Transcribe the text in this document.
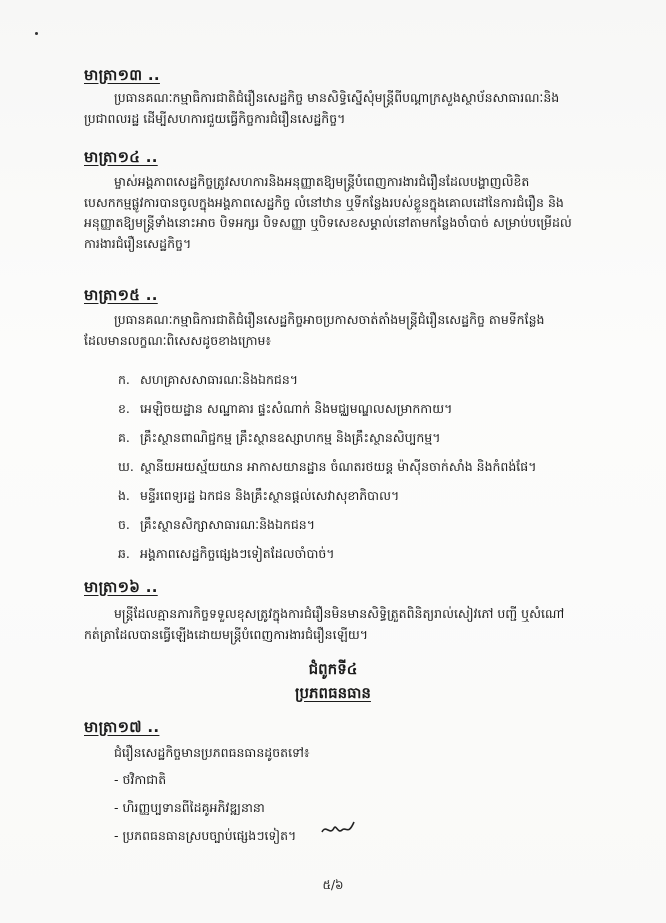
មាត្រា១៣ ..
ប្រធានគណៈកម្មាធិការជាតិជំរឿនសេដ្ឋកិច្ច មានសិទ្ធិស្នើសុំមន្ត្រីពីបណ្តាក្រសួងស្ថាប័នសាធារណៈនិង
ប្រជាពលរដ្ឋ ដើម្បីសហការជួយធ្វើកិច្ចការជំរឿនសេដ្ឋកិច្ច។
មាត្រា១៤ ..
ម្ចាស់អង្គភាពសេដ្ឋកិច្ចត្រូវសហការនិងអនុញ្ញាតឱ្យមន្ត្រីបំពេញការងារជំរឿនដែលបង្ហាញលិខិត
បេសកកម្មផ្លូវការបានចូលក្នុងអង្គភាពសេដ្ឋកិច្ច លំនៅឋាន ឬទីកន្លែងរបស់ខ្លួនក្នុងគោលដៅនៃការជំរឿន និង
អនុញ្ញាតឱ្យមន្ត្រីទាំងនោះអាច បិទអក្សរ បិទសញ្ញា ឬបិទសេខសម្គាល់នៅតាមកន្លែងចាំបាច់ សម្រាប់បម្រើដល់
ការងារជំរឿនសេដ្ឋកិច្ច។
មាត្រា១៥ ..
ប្រធានគណៈកម្មាធិការជាតិជំរឿនសេដ្ឋកិច្ចអាចប្រកាសចាត់តាំងមន្ត្រីជំរឿនសេដ្ឋកិច្ច តាមទីកន្លែង
ដែលមានលក្ខណៈពិសេសដូចខាងក្រោម៖
ក. សហគ្រាសសាធារណៈនិងឯកជន។
ខ. អេឡិចយដ្ឋាន សណ្ឋាគារ ផ្ទះសំណាក់ និងមជ្ឈមណ្ឌលសម្រាកកាយ។
គ. គ្រឹះស្ថានពាណិជ្ជកម្ម គ្រឹះស្ថានឧស្សាហកម្ម និងគ្រឹះស្ថានសិប្បកម្ម។
ឃ. ស្ថានីយអយស្ម័យយាន អាកាសយានដ្ឋាន ចំណតរថយន្ត ម៉ាស៊ីនចាក់សាំង និងកំពង់ផែ។
ង. មន្ទីរពេទ្យរដ្ឋ ឯកជន និងគ្រឹះស្ថានផ្តល់សេវាសុខាភិបាល។
ច. គ្រឹះស្ថានសិក្សាសាធារណៈនិងឯកជន។
ឆ. អង្គភាពសេដ្ឋកិច្ចផ្សេងៗទៀតដែលចាំបាច់។
មាត្រា១៦ ..
មន្ត្រីដែលគ្មានភារកិច្ចទទួលខុសត្រូវក្នុងការជំរឿនមិនមានសិទ្ធិត្រួតពិនិត្យរាល់សៀវភៅ បញ្ជី ឬសំណៅ
កត់ត្រាដែលបានធ្វើឡើងដោយមន្ត្រីបំពេញការងារជំរឿនឡើយ។
ជំពូកទី៤
ប្រភពធនធាន
មាត្រា១៧ ..
ជំរឿនសេដ្ឋកិច្ចមានប្រភពធនធានដូចតទៅ៖
- ថវិកាជាតិ
- ហិរញ្ញប្បទានពីដៃគូអភិវឌ្ឍនានា
- ប្រភពធនធានស្របច្បាប់ផ្សេងៗទៀត។
៥/៦
